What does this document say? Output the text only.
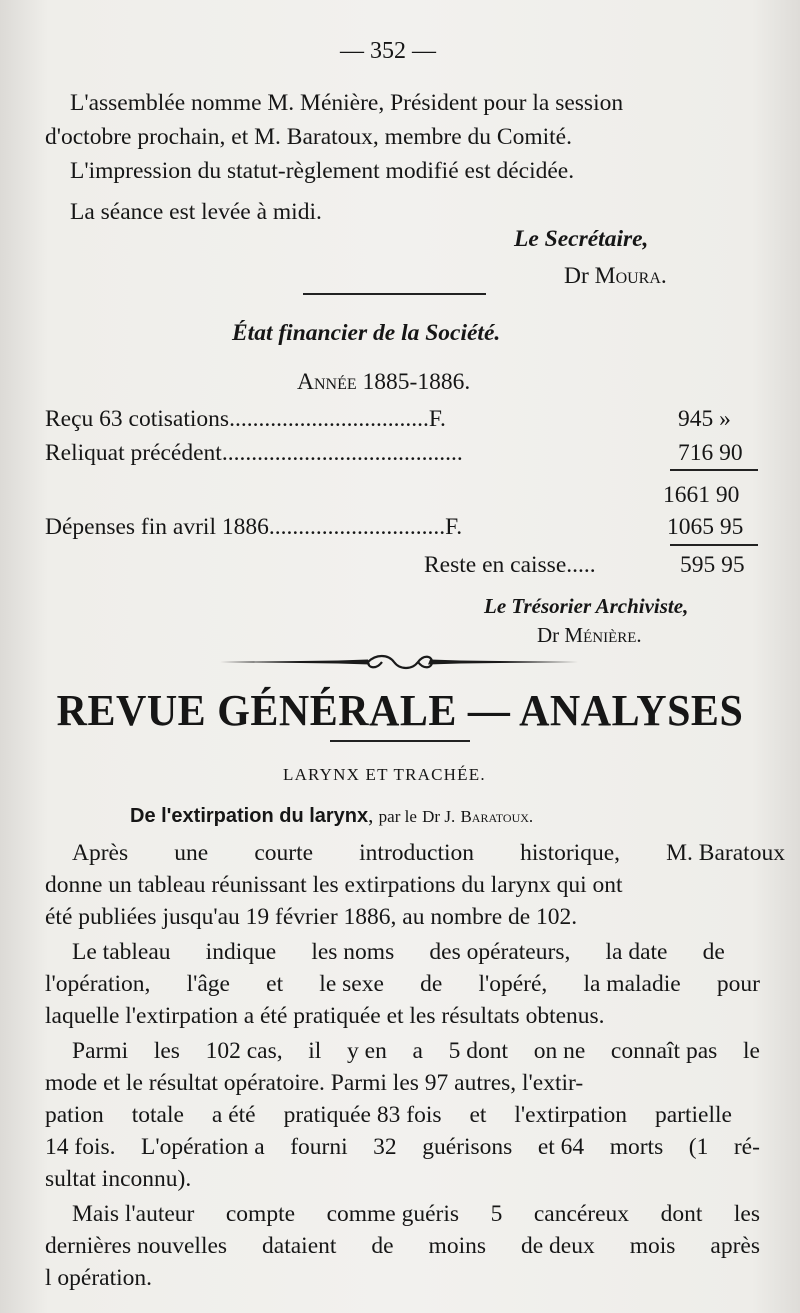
— 352 —
L'assemblée nomme M. Ménière, Président pour la session
d'octobre prochain, et M. Baratoux, membre du Comité.
L'impression du statut-règlement modifié est décidée.
La séance est levée à midi.
Le Secrétaire,
Dr Moura.
État financier de la Société.
Année 1885-1886.
Reçu 63 cotisations..................................F.	945 »
Reliquat précédent.........................................	716 90
1661 90
Dépenses fin avril 1886..............................F.	1065 95
Reste en caisse.....	595 95
Le Trésorier Archiviste,
Dr Ménière.
REVUE GÉNÉRALE — ANALYSES
LARYNX ET TRACHÉE.
De l'extirpation du larynx, par le Dr J. Baratoux.
Après une courte introduction historique, M. Baratoux
donne un tableau réunissant les extirpations du larynx qui ont
été publiées jusqu'au 19 février 1886, au nombre de 102.
Le tableau indique les noms des opérateurs, la date de
l'opération, l'âge et le sexe de l'opéré, la maladie pour
laquelle l'extirpation a été pratiquée et les résultats obtenus.
Parmi les 102 cas, il y en a 5 dont on ne connaît pas le
mode et le résultat opératoire. Parmi les 97 autres, l'extir-
pation totale a été pratiquée 83 fois et l'extirpation partielle
14 fois. L'opération a fourni 32 guérisons et 64 morts (1 ré-
sultat inconnu).
Mais l'auteur compte comme guéris 5 cancéreux dont les
dernières nouvelles dataient de moins de deux mois après
l opération.
